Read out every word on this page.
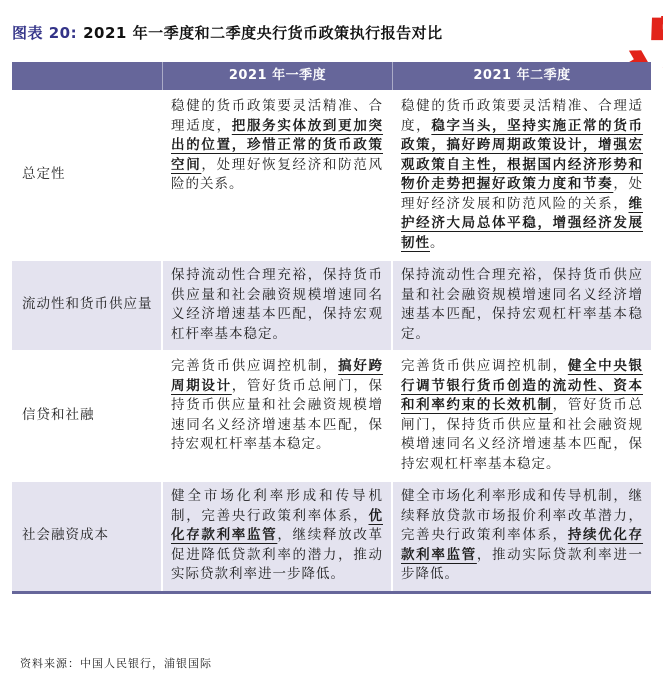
图表 20: 2021 年一季度和二季度央行货币政策执行报告对比
2021 年一季度	2021 年二季度
总定性
稳健的货币政策要灵活精准、合理适度，把服务实体放到更加突出的位置，珍惜正常的货币政策空间，处理好恢复经济和防范风险的关系。
稳健的货币政策要灵活精准、合理适度，稳字当头，坚持实施正常的货币政策，搞好跨周期政策设计，增强宏观政策自主性，根据国内经济形势和物价走势把握好政策力度和节奏，处理好经济发展和防范风险的关系，维护经济大局总体平稳，增强经济发展韧性。
流动性和货币供应量
保持流动性合理充裕，保持货币供应量和社会融资规模增速同名义经济增速基本匹配，保持宏观杠杆率基本稳定。
保持流动性合理充裕，保持货币供应量和社会融资规模增速同名义经济增速基本匹配，保持宏观杠杆率基本稳定。
信贷和社融
完善货币供应调控机制，搞好跨周期设计，管好货币总闸门，保持货币供应量和社会融资规模增速同名义经济增速基本匹配，保持宏观杠杆率基本稳定。
完善货币供应调控机制，健全中央银行调节银行货币创造的流动性、资本和利率约束的长效机制，管好货币总闸门，保持货币供应量和社会融资规模增速同名义经济增速基本匹配，保持宏观杠杆率基本稳定。
社会融资成本
健全市场化利率形成和传导机制，完善央行政策利率体系，优化存款利率监管，继续释放改革促进降低贷款利率的潜力，推动实际贷款利率进一步降低。
健全市场化利率形成和传导机制，继续释放贷款市场报价利率改革潜力，完善央行政策利率体系，持续优化存款利率监管，推动实际贷款利率进一步降低。
资料来源：中国人民银行，浦银国际
